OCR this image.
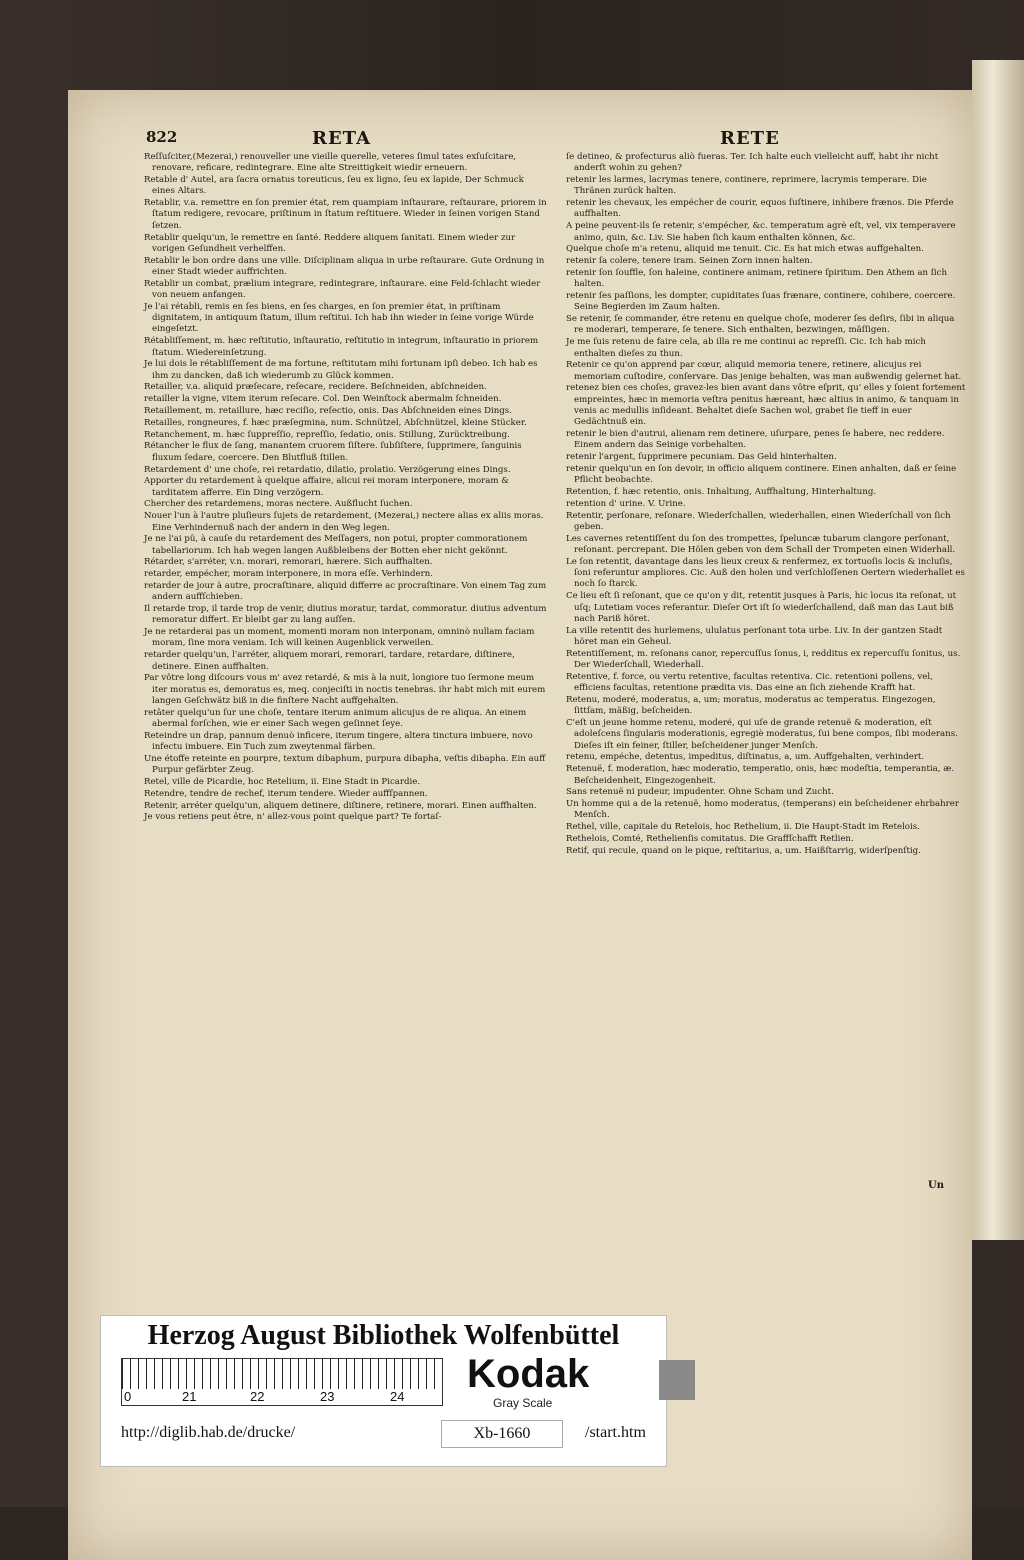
822	RETA	RETE

Reſſuſciter,(Mezerai,) renouveller une vieille querelle, veteres ſimul tates exſuſcitare, renovare, reficare, redintegrare. Eine alte Streittigkeit wiedir erneuern.

Retable d' Autel, ara ſacra ornatus toreuticus, ſeu ex ligno, ſeu ex lapide, Der Schmuck eines Altars.

Retablir, v.a. remettre en ſon premier état, rem quampiam inſtaurare, reſtaurare, priorem in ſtatum redigere, revocare, priſtinum in ſtatum reſtituere. Wieder in ſeinen vorigen Stand ſetzen.

Retablir quelqu'un, le remettre en ſanté. Reddere aliquem ſanitati. Einem wieder zur vorigen Geſundheit verhelffen.

Retablir le bon ordre dans une ville. Diſciplinam aliqua in urbe reſtaurare. Gute Ordnung in einer Stadt wieder auffrichten.

Retablir un combat, prælium integrare, redintegrare, inſtaurare. eine Feld-ſchlacht wieder von neuem anfangen.

Je l'ai rétabli, remis en ſes biens, en ſes charges, en ſon premier état, in priſtinam dignitatem, in antiquum ſtatum, illum reſtitui. Ich hab ihn wieder in ſeine vorige Würde eingeſetzt.

Rétabliſſement, m. hæc reſtitutio, inſtauratio, reſtitutio in integrum, inſtauratio in priorem ſtatum. Wiedereinſetzung.

Je lui dois le rétabliſſement de ma fortune, reſtitutam mihi fortunam ipſi debeo. Ich hab es ihm zu dancken, daß ich wiederumb zu Glück kommen.

Retailler, v.a. aliquid præſecare, reſecare, recidere. Beſchneiden, abſchneiden.

retailler la vigne, vitem iterum reſecare. Col. Den Weinſtock abermalm ſchneiden.

Retaillement, m. retaillure, hæc reciſio, reſectio, onis. Das Abſchneiden eines Dings.

Retailles, rongneures, f. hæc præſegmina, num. Schnützel, Abſchnützel, kleine Stücker.

Retanchement, m. hæc ſuppreſſio, repreſſio, ſedatio, onis. Stillung, Zurücktreibung.

Rétancher le flux de ſang, manantem cruorem ſiſtere. ſubſiſtere, ſupprimere, ſanguinis fluxum ſedare, coercere. Den Blutfluß ſtillen.

Retardement d' une choſe, rei retardatio, dilatio, prolatio. Verzögerung eines Dings.

Apporter du retardement à quelque affaire, alicui rei moram interponere, moram & tarditatem afferre. Ein Ding verzögern.

Chercher des retardemens, moras nectere. Außflucht ſuchen.

Nouer l'un à l'autre pluſieurs ſujets de retardement, (Mezerai,) nectere alias ex aliis moras. Eine Verhindernuß nach der andern in den Weg legen.

Je ne l'ai pû, à cauſe du retardement des Meſſagers, non potui, propter commorationem tabellariorum. Ich hab wegen langen Außbleibens der Botten eher nicht gekönnt.

Rétarder, s'arréter, v.n. morari, remorari, hærere. Sich auffhalten.

retarder, empécher, moram interponere, in mora eſſe. Verhindern.

retarder de jour à autre, procraſtinare, aliquid differre ac procraſtinare. Von einem Tag zum andern auffſchieben.

Il retarde trop, il tarde trop de venir, diutius moratur, tardat, commoratur. diutius adventum remoratur differt. Er bleibt gar zu lang auſſen.

Je ne retarderai pas un moment, momenti moram non interponam, omninò nullam faciam moram, ſine mora veniam. Ich will keinen Augenblick verweilen.

retarder quelqu'un, l'arréter, aliquem morari, remorari, tardare, retardare, diſtinere, detinere. Einen auffhalten.

Par vôtre long diſcours vous m' avez retardé, & mis à la nuit, longiore tuo ſermone meum iter moratus es, demoratus es, meq. conjeciſti in noctis tenebras. ihr habt mich mit eurem langen Geſchwätz biß in die finſtere Nacht auffgehalten.

retâter quelqu'un ſur une choſe, tentare iterum animum alicujus de re aliqua. An einem abermal forſchen, wie er einer Sach wegen geſinnet ſeye.

Reteindre un drap, pannum denuò inficere, iterum tingere, altera tinctura imbuere, novo infectu imbuere. Ein Tuch zum zweytenmal färben.

Une étoffe reteinte en pourpre, textum dibaphum, purpura dibapha, veſtis dibapha. Ein auff Purpur gefärbter Zeug.

Retel, ville de Picardie, hoc Retelium, ii. Eine Stadt in Picardie.

Retendre, tendre de rechef, iterum tendere. Wieder auffſpannen.

Retenir, arréter quelqu'un, aliquem detinere, diſtinere, retinere, morari. Einen auffhalten.

Je vous retiens peut être, n' allez-vous point quelque part? Te fortaſ-

ſe detineo, & profecturus aliò fueras. Ter. Ich halte euch vielleicht auff, habt ihr nicht anderſt wohin zu gehen?

retenir les larmes, lacrymas tenere, continere, reprimere, lacrymis temperare. Die Thränen zurück halten.

retenir les chevaux, les empécher de courir, equos ſuſtinere, inhibere frænos. Die Pferde auffhalten.

A peine peuvent-ils ſe retenir, s'empécher, &c. temperatum agrè eſt, vel, vix temperavere animo, quin, &c. Liv. Sie haben ſich kaum enthalten können, &c.

Quelque choſe m'a retenu, aliquid me tenuit. Cic. Es hat mich etwas auffgehalten.

retenir ſa colere, tenere iram. Seinen Zorn innen halten.

retenir ſon ſouffle, ſon haleine, continere animam, retinere ſpiritum. Den Athem an ſich halten.

retenir ſes paſſions, les dompter, cupiditates ſuas frænare, continere, cohibere, coercere. Seine Begierden im Zaum halten.

Se retenir, ſe commander, étre retenu en quelque choſe, moderer ſes deſirs, ſibi in aliqua re moderari, temperare, ſe tenere. Sich enthalten, bezwingen, mäſſigen.

Je me ſuis retenu de faire cela, ab illa re me continui ac repreſſi. Cic. Ich hab mich enthalten dieſes zu thun.

Retenir ce qu'on apprend par cœur, aliquid memoria tenere, retinere, alicujus rei memoriam cuſtodire, conſervare. Das jenige behalten, was man außwendig gelernet hat.

retenez bien ces choſes, gravez-les bien avant dans vôtre eſprit, qu' elles y ſoient fortement empreintes, hæc in memoria veſtra penitus hæreant, hæc altius in animo, & tanquam in venis ac medullis inſideant. Behaltet dieſe Sachen wol, grabet ſie tieff in euer Gedächtnuß ein.

retenir le bien d'autrui, alienam rem detinere, uſurpare, penes ſe habere, nec reddere. Einem andern das Seinige vorbehalten.

retenir l'argent, ſupprimere pecuniam. Das Geld hinterhalten.

retenir quelqu'un en ſon devoir, in officio aliquem continere. Einen anhalten, daß er ſeine Pflicht beobachte.

Retention, f. hæc retentio, onis. Inhaltung, Auffhaltung, Hinterhaltung.

retention d' urine. V. Urine.

Retentir, perſonare, reſonare. Wiederſchallen, wiederhallen, einen Wiederſchall von ſich geben.

Les cavernes retentiſſent du ſon des trompettes, ſpeluncæ tubarum clangore perſonant, reſonant. percrepant. Die Hölen geben von dem Schall der Trompeten einen Widerhall.

Le ſon retentit, davantage dans les lieux creux & renfermez, ex tortuoſis locis & incluſis, ſoni referuntur ampliores. Cic. Auß den holen und verſchloſſenen Oertern wiederhallet es noch ſo ſtarck.

Ce lieu eſt ſi reſonant, que ce qu'on y dit, retentit jusques à Paris, hic locus ita reſonat, ut uſq; Lutetiam voces referantur. Dieſer Ort iſt ſo wiederſchallend, daß man das Laut biß nach Pariß höret.

La ville retentit des hurlemens, ululatus perſonant tota urbe. Liv. In der gantzen Stadt höret man ein Geheul.

Retentiſſement, m. reſonans canor, repercuſſus ſonus, i, redditus ex repercuſſu ſonitus, us. Der Wiederſchall, Wiederhall.

Retentive, f. force, ou vertu retentive, facultas retentiva. Cic. retentioni pollens, vel, efficiens facultas, retentione prædita vis. Das eine an ſich ziehende Krafft hat.

Retenu, moderé, moderatus, a, um; moratus, moderatus ac temperatus. Eingezogen, ſittſam, mäßig, beſcheiden.

C'eſt un jeune homme retenu, moderé, qui uſe de grande retenuë & moderation, eſt adoleſcens ſingularis moderationis, egregiè moderatus, ſui bene compos, ſibi moderans. Dieſes iſt ein feiner, ſtiller, beſcheidener junger Menſch.

retenu, empéche, detentus, impeditus, diſtinatus, a, um. Auffgehalten, verhindert.

Retenuë, f. moderation, hæc moderatio, temperatio, onis, hæc modeſtia, temperantia, æ. Beſcheidenheit, Eingezogenheit.

Sans retenuë ni pudeur, impudenter. Ohne Scham und Zucht.

Un homme qui a de la retenuë, homo moderatus, (temperans) ein beſcheidener ehrbahrer Menſch.

Rethel, ville, capitale du Retelois, hoc Rethelium, ii. Die Haupt-Stadt im Retelois.

Rethelois, Comté, Rethelienſis comitatus. Die Graffſchafft Retlien.

Retif, qui recule, quand on le pique, reſtitarius, a, um. Haißſtarrig, widerſpenſtig.

Un
Herzog August Bibliothek Wolfenbüttel
0	21	22	23	24
Kodak
Gray Scale
http://diglib.hab.de/drucke/	Xb-1660	/start.htm
